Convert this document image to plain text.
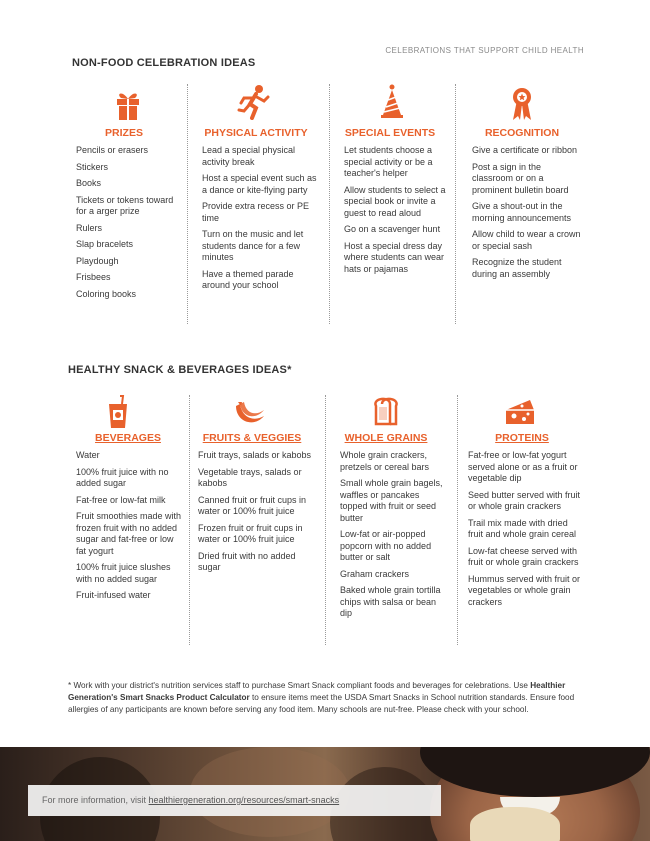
CELEBRATIONS THAT SUPPORT CHILD HEALTH
NON-FOOD CELEBRATION IDEAS
PRIZES
Pencils or erasers
Stickers
Books
Tickets or tokens toward for a arger prize
Rulers
Slap bracelets
Playdough
Frisbees
Coloring books
PHYSICAL ACTIVITY
Lead a special physical activity break
Host a special event such as a dance or kite-flying party
Provide extra recess or PE time
Turn on the music and let students dance for a few minutes
Have a themed parade around your school
SPECIAL EVENTS
Let students choose a special activity or be a teacher's helper
Allow students to select a special book or invite a guest to read aloud
Go on a scavenger hunt
Host a special dress day where students can wear hats or pajamas
RECOGNITION
Give a certificate or ribbon
Post a sign in the classroom or on a prominent bulletin board
Give a shout-out in the morning announcements
Allow child to wear a crown or special sash
Recognize the student during an assembly
HEALTHY SNACK & BEVERAGES IDEAS*
BEVERAGES
Water
100% fruit juice with no added sugar
Fat-free or low-fat milk
Fruit smoothies made with frozen fruit with no added sugar and fat-free or low fat yogurt
100% fruit juice slushes with no added sugar
Fruit-infused water
FRUITS & VEGGIES
Fruit trays, salads or kabobs
Vegetable trays, salads or kabobs
Canned fruit or fruit cups in water or 100% fruit juice
Frozen fruit or fruit cups in water or 100% fruit juice
Dried fruit with no added sugar
WHOLE GRAINS
Whole grain crackers, pretzels or cereal bars
Small whole grain bagels, waffles or pancakes topped with fruit or seed butter
Low-fat or air-popped popcorn with no added butter or salt
Graham crackers
Baked whole grain tortilla chips with salsa or bean dip
PROTEINS
Fat-free or low-fat yogurt served alone or as a fruit or vegetable dip
Seed butter served with fruit or whole grain crackers
Trail mix made with dried fruit and whole grain cereal
Low-fat cheese served with fruit or whole grain crackers
Hummus served with fruit or vegetables or whole grain crackers

* Work with your district's nutrition services staff to purchase Smart Snack compliant foods and beverages for celebrations. Use Healthier Generation's Smart Snacks Product Calculator to ensure items meet the USDA Smart Snacks in School nutrition standards. Ensure food allergies of any participants are known before serving any food item. Many schools are nut-free. Please check with your school.

For more information, visit healthiergeneration.org/resources/smart-snacks
